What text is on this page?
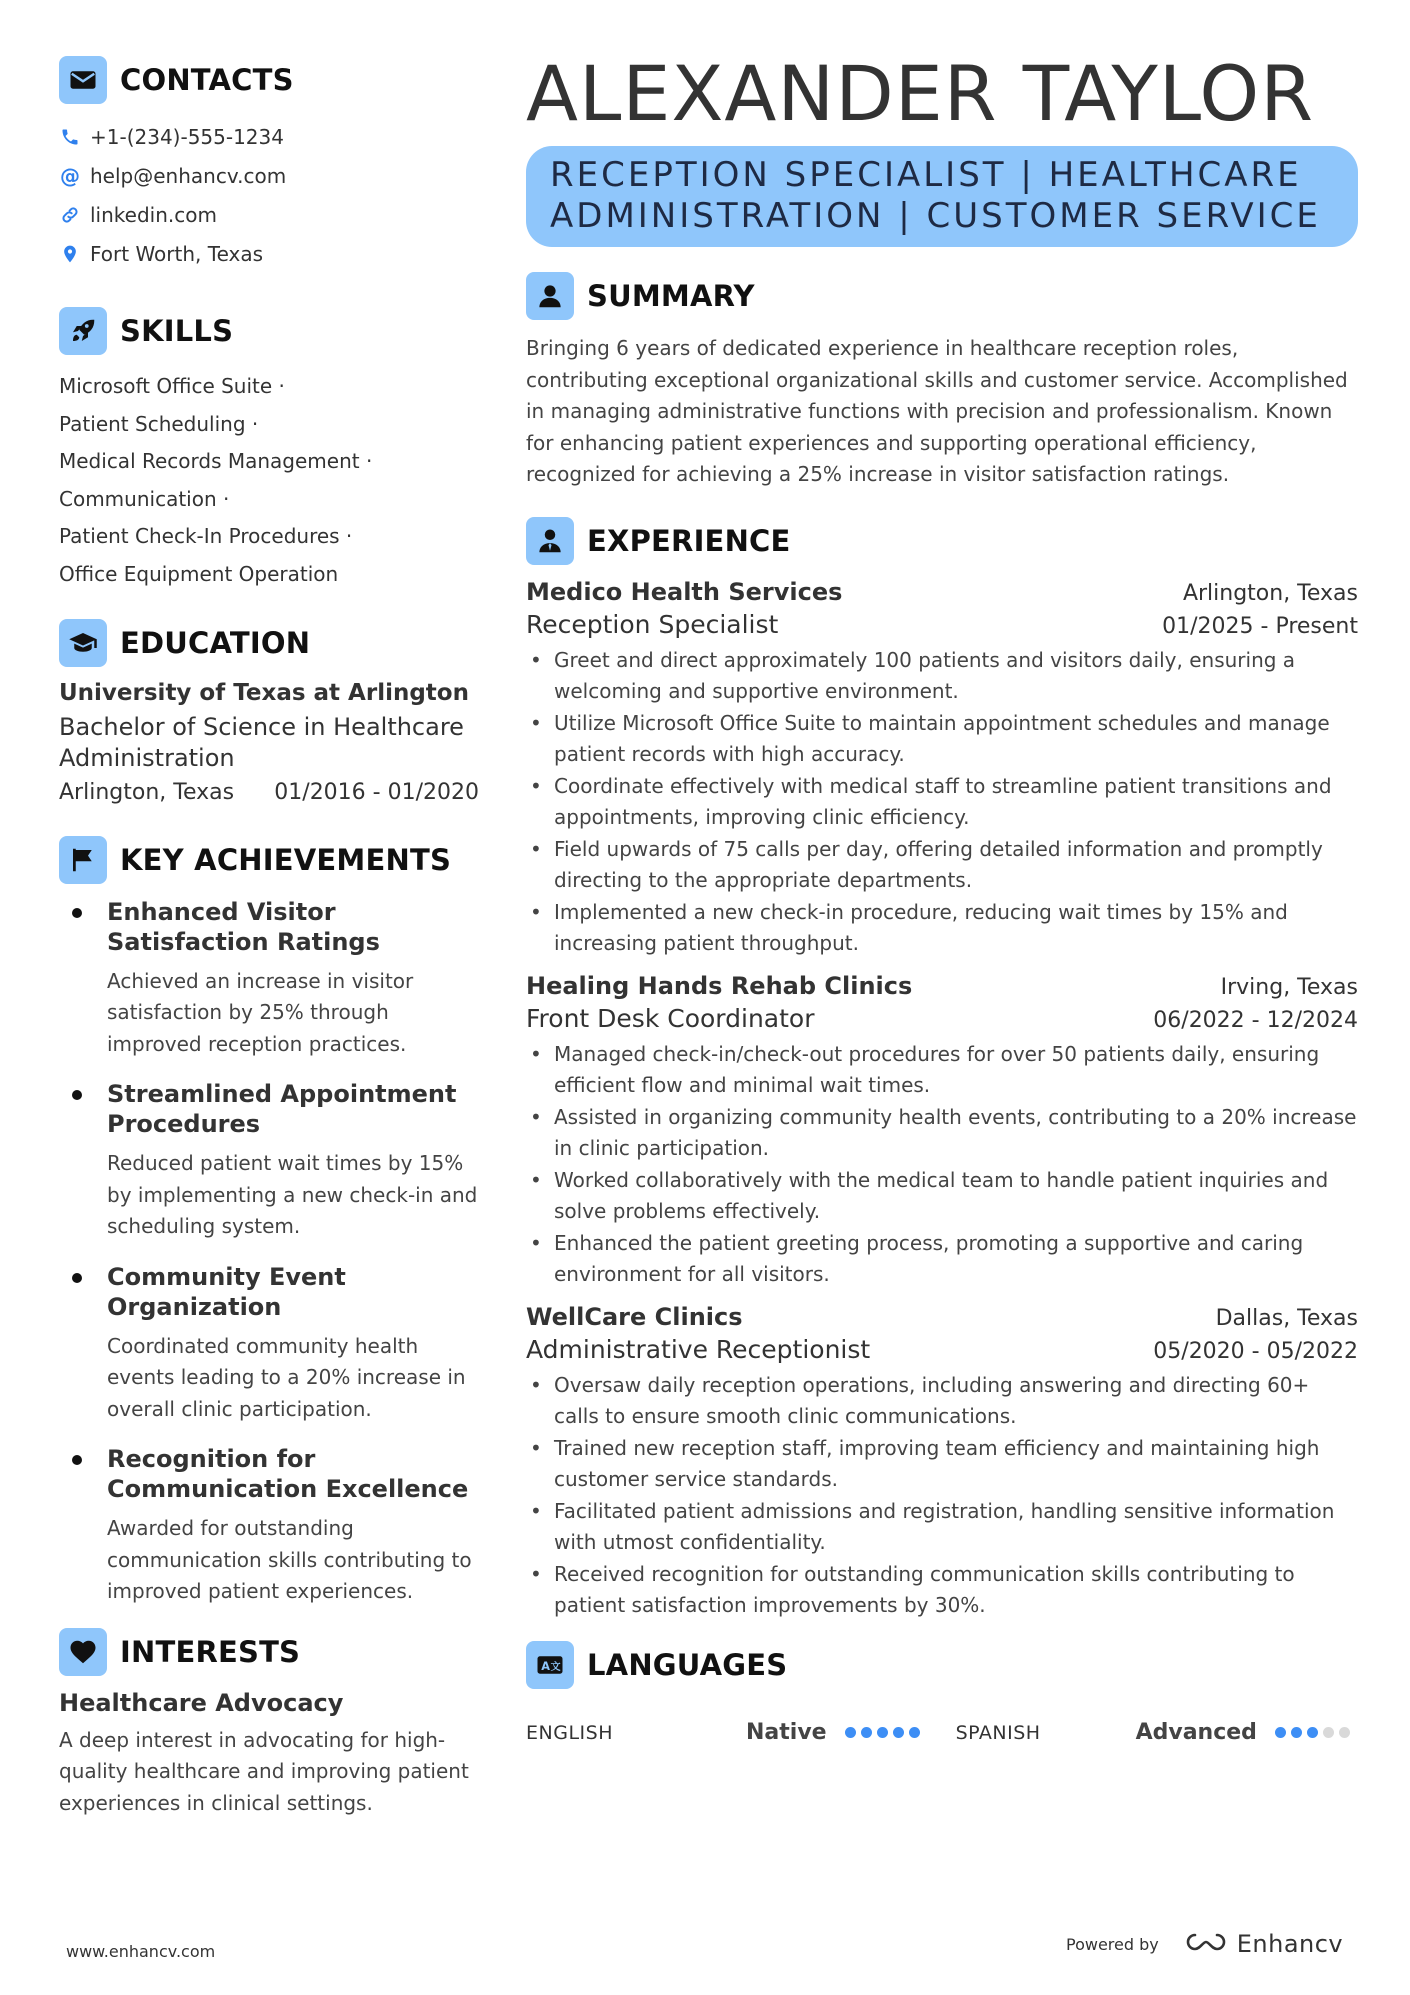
CONTACTS
+1-(234)-555-1234
@ help@enhancv.com
linkedin.com
Fort Worth, Texas
SKILLS
Microsoft Office Suite ·
Patient Scheduling ·
Medical Records Management ·
Communication ·
Patient Check-In Procedures ·
Office Equipment Operation
EDUCATION
University of Texas at Arlington
Bachelor of Science in Healthcare Administration
Arlington, Texas 01/2016 - 01/2020
KEY ACHIEVEMENTS
Enhanced Visitor Satisfaction Ratings
Achieved an increase in visitor satisfaction by 25% through improved reception practices.
Streamlined Appointment Procedures
Reduced patient wait times by 15% by implementing a new check-in and scheduling system.
Community Event Organization
Coordinated community health events leading to a 20% increase in overall clinic participation.
Recognition for Communication Excellence
Awarded for outstanding communication skills contributing to improved patient experiences.
INTERESTS
Healthcare Advocacy
A deep interest in advocating for high-quality healthcare and improving patient experiences in clinical settings.
ALEXANDER TAYLOR
RECEPTION SPECIALIST | HEALTHCARE ADMINISTRATION | CUSTOMER SERVICE
SUMMARY
Bringing 6 years of dedicated experience in healthcare reception roles, contributing exceptional organizational skills and customer service. Accomplished in managing administrative functions with precision and professionalism. Known for enhancing patient experiences and supporting operational efficiency, recognized for achieving a 25% increase in visitor satisfaction ratings.
EXPERIENCE
Medico Health Services	Arlington, Texas
Reception Specialist	01/2025 - Present
• Greet and direct approximately 100 patients and visitors daily, ensuring a welcoming and supportive environment.
• Utilize Microsoft Office Suite to maintain appointment schedules and manage patient records with high accuracy.
• Coordinate effectively with medical staff to streamline patient transitions and appointments, improving clinic efficiency.
• Field upwards of 75 calls per day, offering detailed information and promptly directing to the appropriate departments.
• Implemented a new check-in procedure, reducing wait times by 15% and increasing patient throughput.
Healing Hands Rehab Clinics	Irving, Texas
Front Desk Coordinator	06/2022 - 12/2024
• Managed check-in/check-out procedures for over 50 patients daily, ensuring efficient flow and minimal wait times.
• Assisted in organizing community health events, contributing to a 20% increase in clinic participation.
• Worked collaboratively with the medical team to handle patient inquiries and solve problems effectively.
• Enhanced the patient greeting process, promoting a supportive and caring environment for all visitors.
WellCare Clinics	Dallas, Texas
Administrative Receptionist	05/2020 - 05/2022
• Oversaw daily reception operations, including answering and directing 60+ calls to ensure smooth clinic communications.
• Trained new reception staff, improving team efficiency and maintaining high customer service standards.
• Facilitated patient admissions and registration, handling sensitive information with utmost confidentiality.
• Received recognition for outstanding communication skills contributing to patient satisfaction improvements by 30%.
A 文 LANGUAGES
ENGLISH	Native	SPANISH	Advanced
www.enhancv.com	Powered by	Enhancv
